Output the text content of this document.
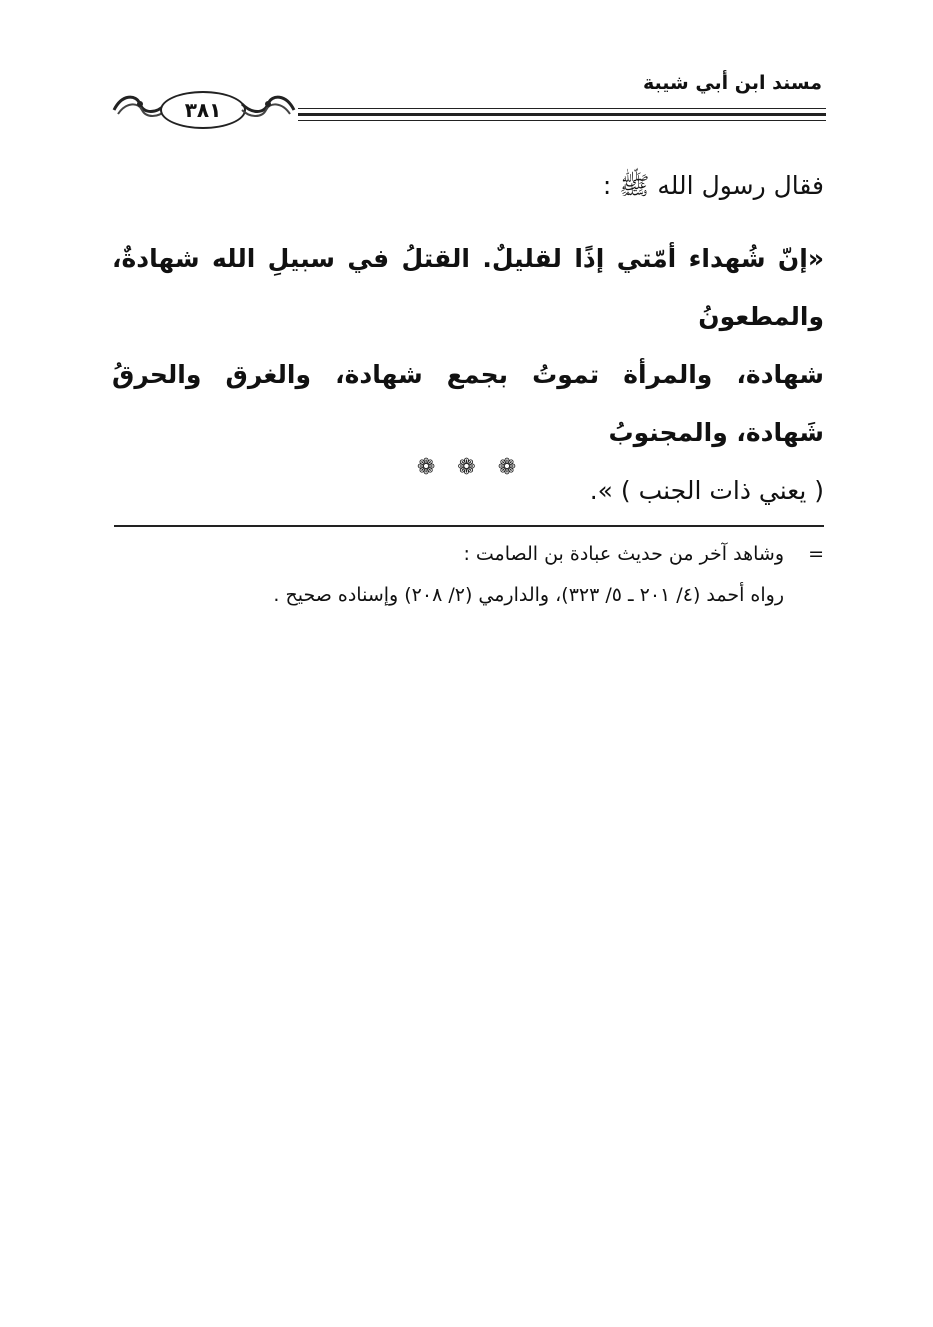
مسند ابن أبي شيبة
٣٨١
فقال رسول الله ﷺ :
«إنّ شُهداء أمّتي إذًا لقليلٌ. القتلُ في سبيلِ الله شهادةٌ، والمطعونُ
شهادة، والمرأة تموتُ بجمع شهادة، والغرق والحرقُ شَهادة، والمجنوبُ
( يعني ذات الجنب ) ».
❁ ❁ ❁
=
وشاهد آخر من حديث عبادة بن الصامت :
رواه أحمد (٤/ ٢٠١ ـ ٥/ ٣٢٣)، والدارمي (٢/ ٢٠٨) وإسناده صحيح .
